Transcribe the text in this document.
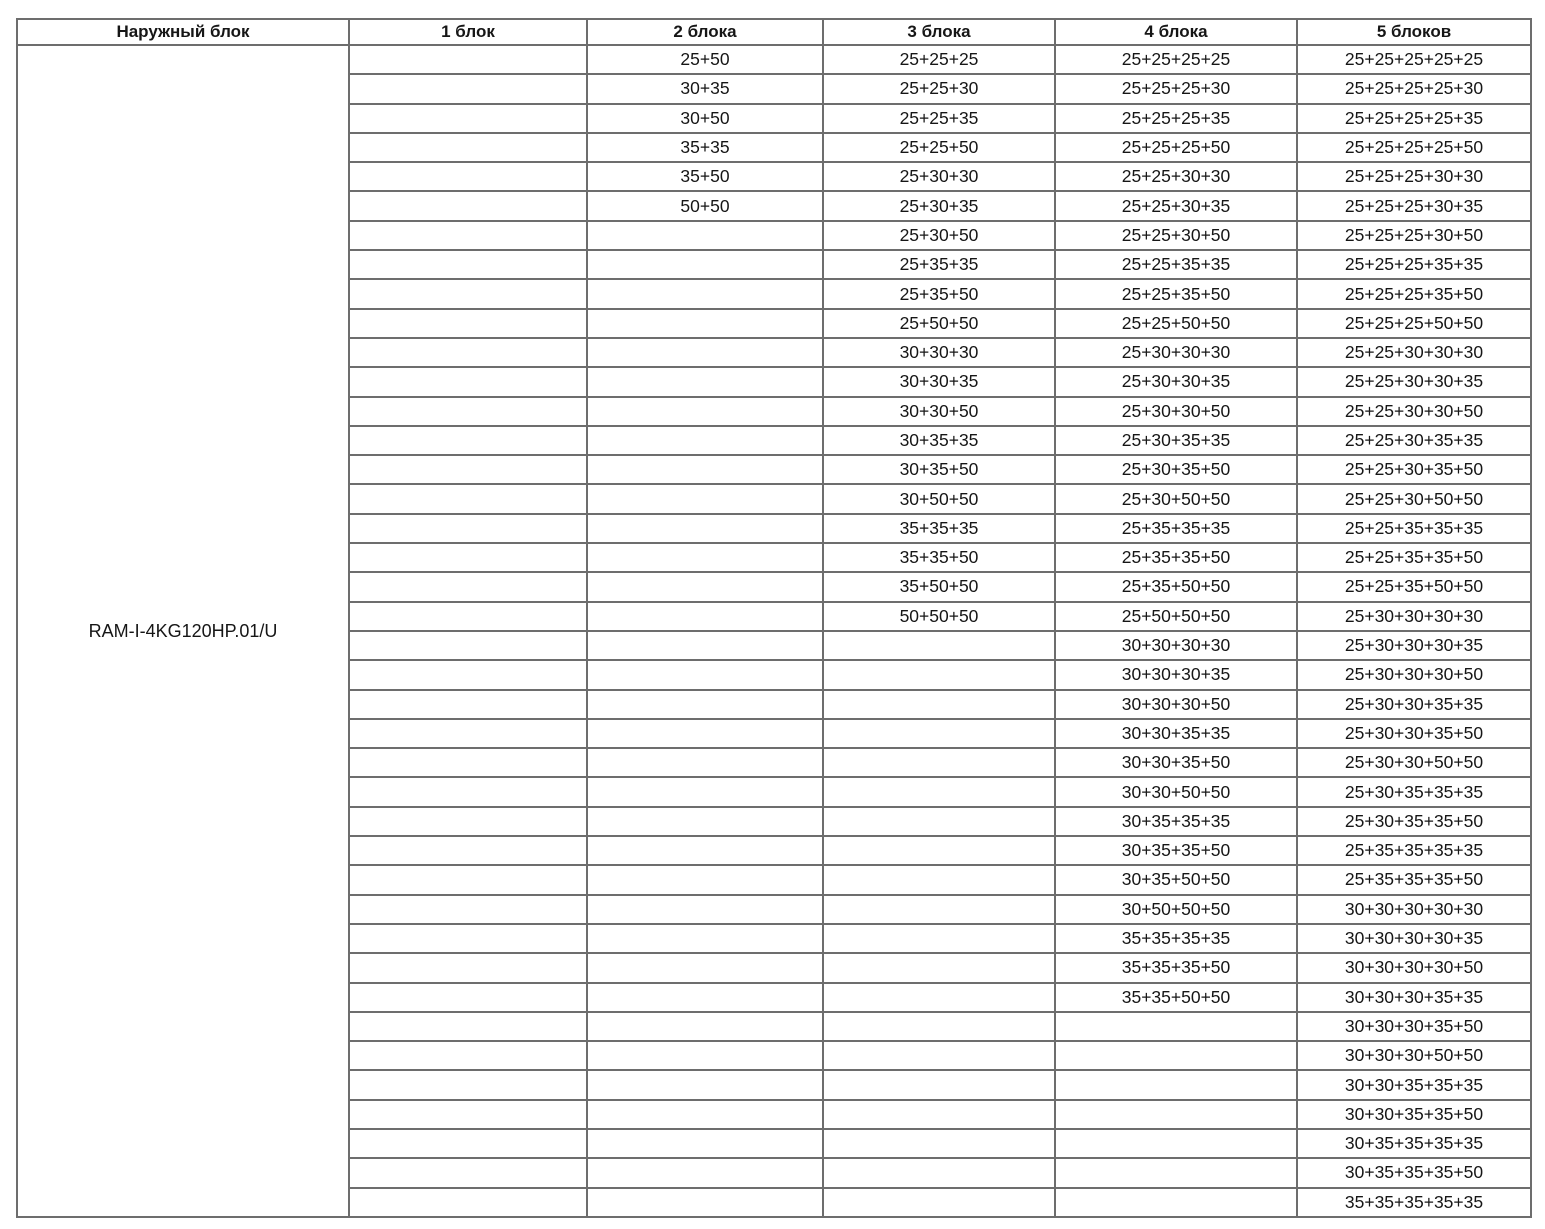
Наружный блок	1 блок	2 блока	3 блока	4 блока	5 блоков
RAM-I-4KG120HP.01/U		25+50	25+25+25	25+25+25+25	25+25+25+25+25
		30+35	25+25+30	25+25+25+30	25+25+25+25+30
		30+50	25+25+35	25+25+25+35	25+25+25+25+35
		35+35	25+25+50	25+25+25+50	25+25+25+25+50
		35+50	25+30+30	25+25+30+30	25+25+25+30+30
		50+50	25+30+35	25+25+30+35	25+25+25+30+35
			25+30+50	25+25+30+50	25+25+25+30+50
			25+35+35	25+25+35+35	25+25+25+35+35
			25+35+50	25+25+35+50	25+25+25+35+50
			25+50+50	25+25+50+50	25+25+25+50+50
			30+30+30	25+30+30+30	25+25+30+30+30
			30+30+35	25+30+30+35	25+25+30+30+35
			30+30+50	25+30+30+50	25+25+30+30+50
			30+35+35	25+30+35+35	25+25+30+35+35
			30+35+50	25+30+35+50	25+25+30+35+50
			30+50+50	25+30+50+50	25+25+30+50+50
			35+35+35	25+35+35+35	25+25+35+35+35
			35+35+50	25+35+35+50	25+25+35+35+50
			35+50+50	25+35+50+50	25+25+35+50+50
			50+50+50	25+50+50+50	25+30+30+30+30
				30+30+30+30	25+30+30+30+35
				30+30+30+35	25+30+30+30+50
				30+30+30+50	25+30+30+35+35
				30+30+35+35	25+30+30+35+50
				30+30+35+50	25+30+30+50+50
				30+30+50+50	25+30+35+35+35
				30+35+35+35	25+30+35+35+50
				30+35+35+50	25+35+35+35+35
				30+35+50+50	25+35+35+35+50
				30+50+50+50	30+30+30+30+30
				35+35+35+35	30+30+30+30+35
				35+35+35+50	30+30+30+30+50
				35+35+50+50	30+30+30+35+35
					30+30+30+35+50
					30+30+30+50+50
					30+30+35+35+35
					30+30+35+35+50
					30+35+35+35+35
					30+35+35+35+50
					35+35+35+35+35
